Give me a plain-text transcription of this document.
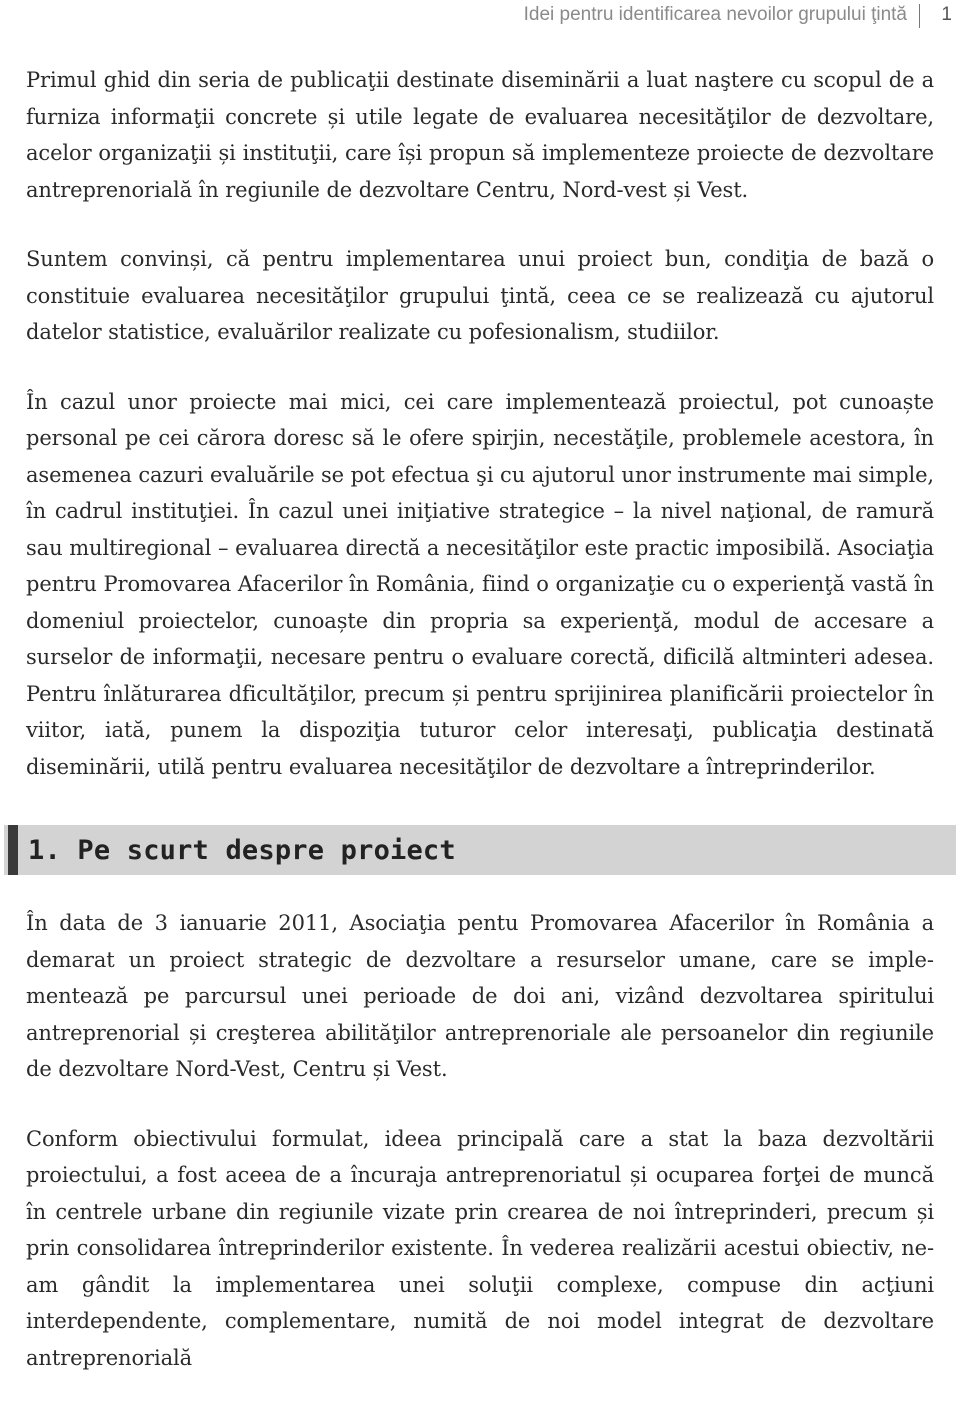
Idei pentru identificarea nevoilor grupului ţintă	1

Primul ghid din seria de publicaţii destinate diseminării a luat naştere cu scopul de a furniza informaţii concrete și utile legate de evaluarea necesităţilor de dezvoltare, acelor organizaţii și instituţii, care își propun să implementeze proiecte de dezvoltare antreprenorială în regiunile de dezvoltare Centru, Nord-vest și Vest.

Suntem convinși, că pentru implementarea unui proiect bun, condiţia de bază o constituie evaluarea necesităţilor grupului ţintă, ceea ce se realizează cu ajutorul datelor statistice, evaluărilor realizate cu pofesionalism, studiilor.

În cazul unor proiecte mai mici, cei care implementează proiectul, pot cunoaște personal pe cei cărora doresc să le ofere spirjin, necestăţile, problemele acestora, în asemenea cazuri evaluările se pot efectua şi cu ajutorul unor instrumente mai simple, în cadrul instituţiei. În cazul unei iniţiative strategice – la nivel naţional, de ramură sau multiregional – evaluarea directă a necesităţilor este practic imposibilă. Asociaţia pentru Promovarea Afacerilor în România, fiind o organizaţie cu o experienţă vastă în domeniul proiectelor, cunoaște din propria sa experienţă, modul de accesare a surselor de informaţii, necesare pentru o evaluare corectă, dificilă altminteri adesea. Pentru înlăturarea dficultăţilor, precum și pentru sprijinirea planificării proiectelor în viitor, iată, punem la dispoziţia tuturor celor interesaţi, publicaţia destinată diseminării, utilă pentru evaluarea necesităţilor de dezvoltare a întreprinderilor.

1. Pe scurt despre proiect

În data de 3 ianuarie 2011, Asociaţia pentu Promovarea Afacerilor în România a demarat un proiect strategic de dezvoltare a resurselor umane, care se implementează pe parcursul unei perioade de doi ani, vizând dezvoltarea spiritului antreprenorial și creşterea abilităţilor antreprenoriale ale persoanelor din regiunile de dezvoltare Nord-Vest, Centru și Vest.

Conform obiectivului formulat, ideea principală care a stat la baza dezvoltării proiectului, a fost aceea de a încuraja antreprenoriatul și ocuparea forţei de muncă în centrele urbane din regiunile vizate prin crearea de noi întreprinderi, precum și prin consolidarea întreprinderilor existente. În vederea realizării acestui obiectiv, ne-am gândit la implementarea unei soluţii complexe, compuse din acţiuni interdependente, complementare, numită de noi model integrat de dezvoltare antreprenorială
